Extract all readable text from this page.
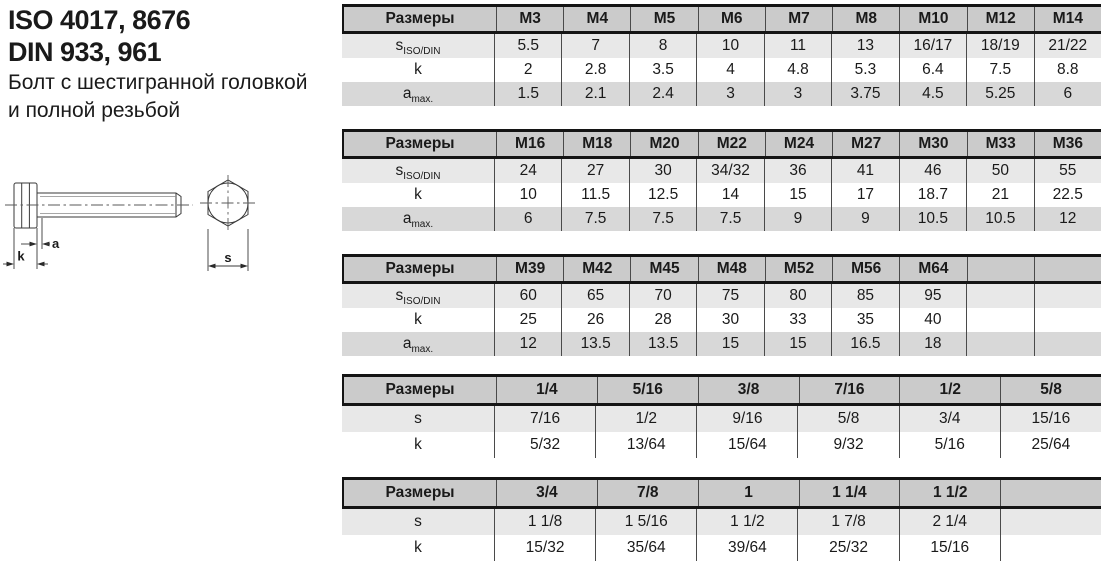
ISO 4017, 8676
DIN 933, 961
Болт с шестигранной головкой
и полной резьбой
a
k	s
Размеры	M3	M4	M5	M6	M7	M8	M10	M12	M14
$s_{ISO/DIN}$	5.5	7	8	10	11	13	16/17	18/19	21/22
k	2	2.8	3.5	4	4.8	5.3	6.4	7.5	8.8
$a_{max.}$	1.5	2.1	2.4	3	3	3.75	4.5	5.25	6
Размеры	M16	M18	M20	M22	M24	M27	M30	M33	M36
$s_{ISO/DIN}$	24	27	30	34/32	36	41	46	50	55
k	10	11.5	12.5	14	15	17	18.7	21	22.5
$a_{max.}$	6	7.5	7.5	7.5	9	9	10.5	10.5	12
Размеры	M39	M42	M45	M48	M52	M56	M64
$s_{ISO/DIN}$	60	65	70	75	80	85	95
k	25	26	28	30	33	35	40
$a_{max.}$	12	13.5	13.5	15	15	16.5	18
Размеры	1/4	5/16	3/8	7/16	1/2	5/8
s	7/16	1/2	9/16	5/8	3/4	15/16
k	5/32	13/64	15/64	9/32	5/16	25/64
Размеры	3/4	7/8	1	1 1/4	1 1/2
s	1 1/8	1 5/16	1 1/2	1 7/8	2 1/4
k	15/32	35/64	39/64	25/32	15/16
